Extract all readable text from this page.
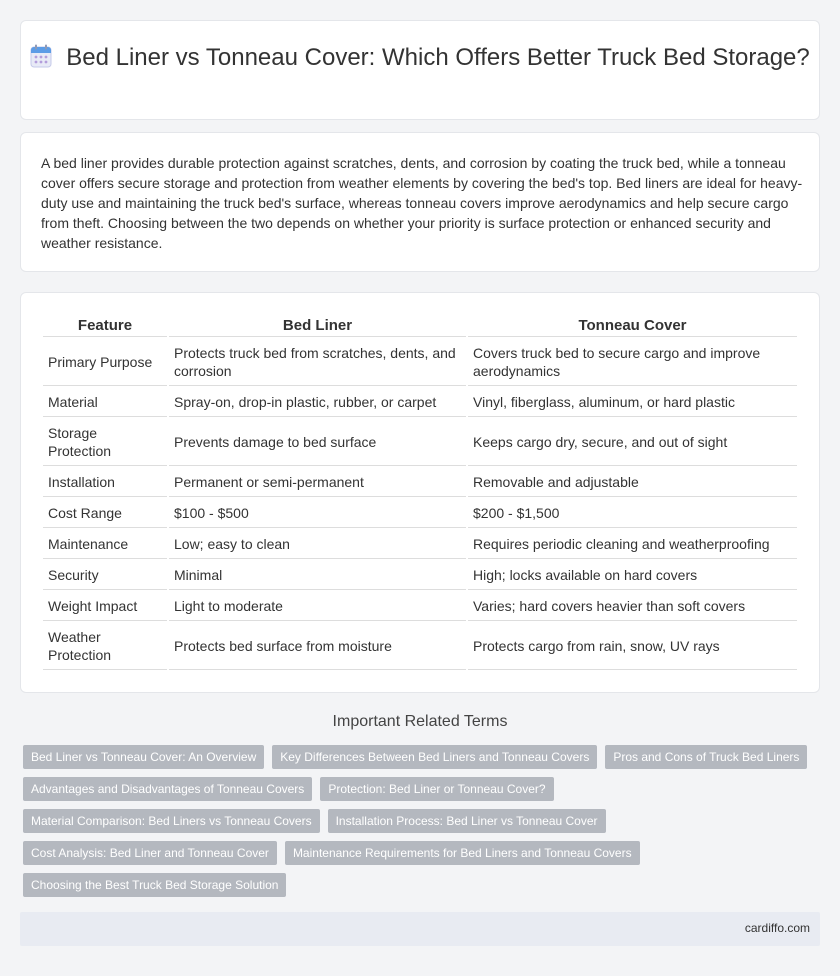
Bed Liner vs Tonneau Cover: Which Offers Better Truck Bed Storage?

A bed liner provides durable protection against scratches, dents, and corrosion by coating the truck bed, while a tonneau cover offers secure storage and protection from weather elements by covering the bed's top. Bed liners are ideal for heavy-duty use and maintaining the truck bed's surface, whereas tonneau covers improve aerodynamics and help secure cargo from theft. Choosing between the two depends on whether your priority is surface protection or enhanced security and weather resistance.

Feature	Bed Liner	Tonneau Cover
Primary Purpose	Protects truck bed from scratches, dents, and corrosion	Covers truck bed to secure cargo and improve aerodynamics
Material	Spray-on, drop-in plastic, rubber, or carpet	Vinyl, fiberglass, aluminum, or hard plastic
Storage Protection	Prevents damage to bed surface	Keeps cargo dry, secure, and out of sight
Installation	Permanent or semi-permanent	Removable and adjustable
Cost Range	$100 - $500	$200 - $1,500
Maintenance	Low; easy to clean	Requires periodic cleaning and weatherproofing
Security	Minimal	High; locks available on hard covers
Weight Impact	Light to moderate	Varies; hard covers heavier than soft covers
Weather Protection	Protects bed surface from moisture	Protects cargo from rain, snow, UV rays
Important Related Terms
Bed Liner vs Tonneau Cover: An Overview	Key Differences Between Bed Liners and Tonneau Covers	Pros and Cons of Truck Bed Liners
Advantages and Disadvantages of Tonneau Covers	Protection: Bed Liner or Tonneau Cover?
Material Comparison: Bed Liners vs Tonneau Covers	Installation Process: Bed Liner vs Tonneau Cover
Cost Analysis: Bed Liner and Tonneau Cover	Maintenance Requirements for Bed Liners and Tonneau Covers
Choosing the Best Truck Bed Storage Solution
cardiffo.com
